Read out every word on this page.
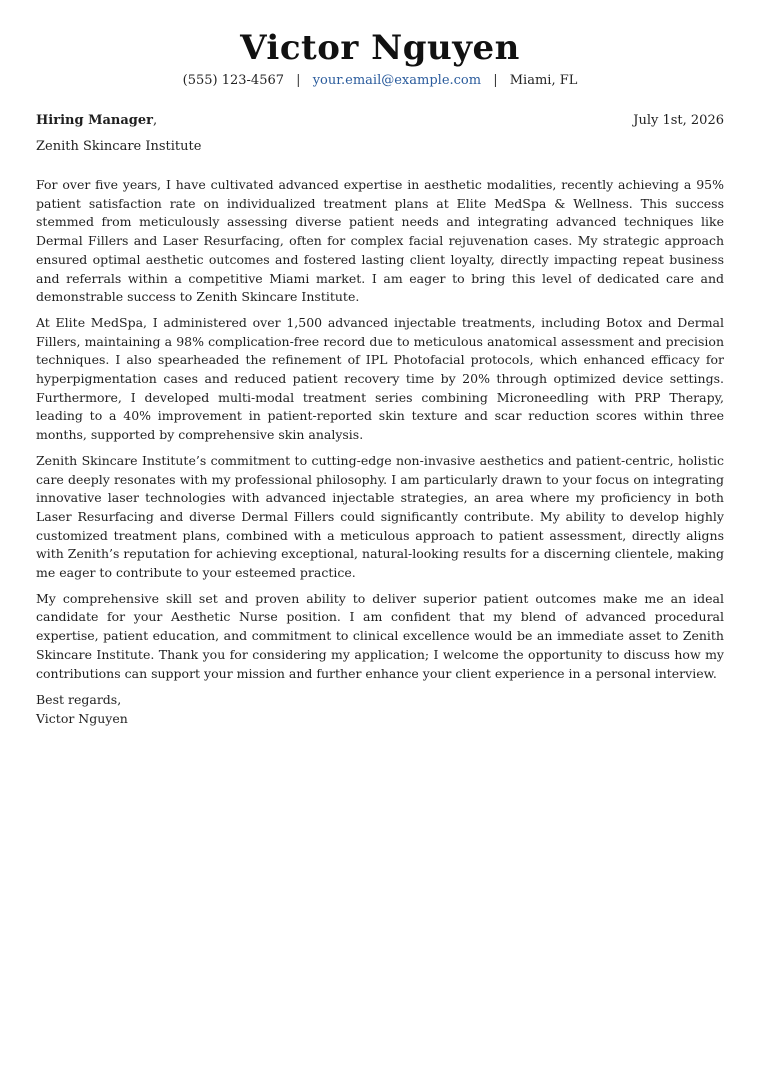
Victor Nguyen
(555) 123-4567 | your.email@example.com | Miami, FL
Hiring Manager,	July 1st, 2026
Zenith Skincare Institute

For over five years, I have cultivated advanced expertise in aesthetic modalities, recently achieving a 95% patient satisfaction rate on individualized treatment plans at Elite MedSpa & Wellness. This success stemmed from meticulously assessing diverse patient needs and integrating advanced techniques like Dermal Fillers and Laser Resurfacing, often for complex facial rejuvenation cases. My strategic approach ensured optimal aesthetic outcomes and fostered lasting client loyalty, directly impacting repeat business and referrals within a competitive Miami market. I am eager to bring this level of dedicated care and demonstrable success to Zenith Skincare Institute.

At Elite MedSpa, I administered over 1,500 advanced injectable treatments, including Botox and Dermal Fillers, maintaining a 98% complication-free record due to meticulous anatomical assessment and precision techniques. I also spearheaded the refinement of IPL Photofacial protocols, which enhanced efficacy for hyperpigmentation cases and reduced patient recovery time by 20% through optimized device settings. Furthermore, I developed multi-modal treatment series combining Microneedling with PRP Therapy, leading to a 40% improvement in patient-reported skin texture and scar reduction scores within three months, supported by comprehensive skin analysis.

Zenith Skincare Institute’s commitment to cutting-edge non-invasive aesthetics and patient-centric, holistic care deeply resonates with my professional philosophy. I am particularly drawn to your focus on integrating innovative laser technologies with advanced injectable strategies, an area where my proficiency in both Laser Resurfacing and diverse Dermal Fillers could significantly contribute. My ability to develop highly customized treatment plans, combined with a meticulous approach to patient assessment, directly aligns with Zenith’s reputation for achieving exceptional, natural-looking results for a discerning clientele, making me eager to contribute to your esteemed practice.

My comprehensive skill set and proven ability to deliver superior patient outcomes make me an ideal candidate for your Aesthetic Nurse position. I am confident that my blend of advanced procedural expertise, patient education, and commitment to clinical excellence would be an immediate asset to Zenith Skincare Institute. Thank you for considering my application; I welcome the opportunity to discuss how my contributions can support your mission and further enhance your client experience in a personal interview.

Best regards,
Victor Nguyen
